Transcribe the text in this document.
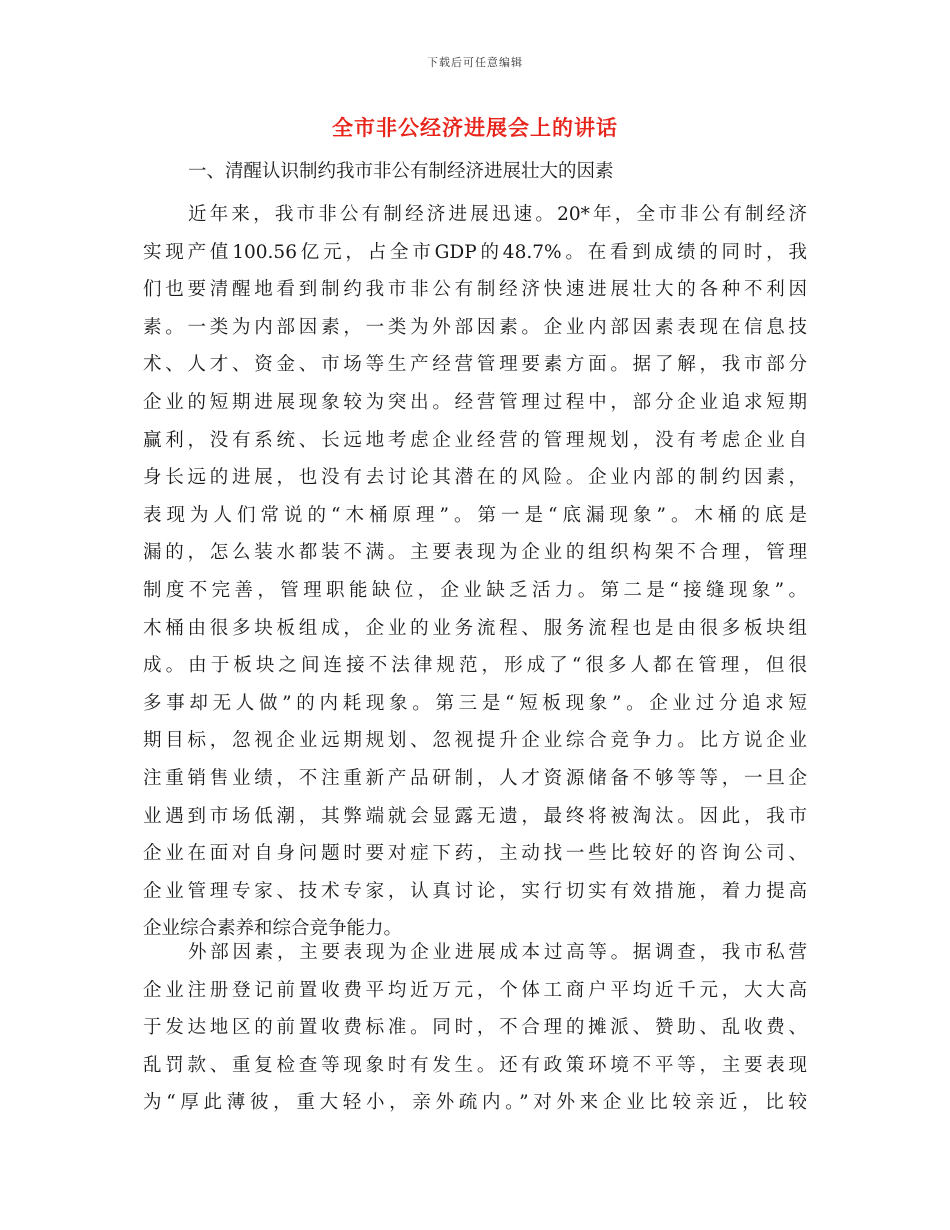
下载后可任意编辑
全市非公经济进展会上的讲话
一、清醒认识制约我市非公有制经济进展壮大的因素
近年来，我市非公有制经济进展迅速。20*年，全市非公有制经济
实现产值100.56亿元，占全市GDP的48.7%。在看到成绩的同时，我
们也要清醒地看到制约我市非公有制经济快速进展壮大的各种不利因
素。一类为内部因素，一类为外部因素。企业内部因素表现在信息技
术、人才、资金、市场等生产经营管理要素方面。据了解，我市部分
企业的短期进展现象较为突出。经营管理过程中，部分企业追求短期
赢利，没有系统、长远地考虑企业经营的管理规划，没有考虑企业自
身长远的进展，也没有去讨论其潜在的风险。企业内部的制约因素，
表现为人们常说的“木桶原理”。第一是“底漏现象”。木桶的底是
漏的，怎么装水都装不满。主要表现为企业的组织构架不合理，管理
制度不完善，管理职能缺位，企业缺乏活力。第二是“接缝现象”。
木桶由很多块板组成，企业的业务流程、服务流程也是由很多板块组
成。由于板块之间连接不法律规范，形成了“很多人都在管理，但很
多事却无人做”的内耗现象。第三是“短板现象”。企业过分追求短
期目标，忽视企业远期规划、忽视提升企业综合竞争力。比方说企业
注重销售业绩，不注重新产品研制，人才资源储备不够等等，一旦企
业遇到市场低潮，其弊端就会显露无遗，最终将被淘汰。因此，我市
企业在面对自身问题时要对症下药，主动找一些比较好的咨询公司、
企业管理专家、技术专家，认真讨论，实行切实有效措施，着力提高
企业综合素养和综合竞争能力。
外部因素，主要表现为企业进展成本过高等。据调查，我市私营
企业注册登记前置收费平均近万元，个体工商户平均近千元，大大高
于发达地区的前置收费标准。同时，不合理的摊派、赞助、乱收费、
乱罚款、重复检查等现象时有发生。还有政策环境不平等，主要表现
为“厚此薄彼，重大轻小，亲外疏内。”对外来企业比较亲近，比较
